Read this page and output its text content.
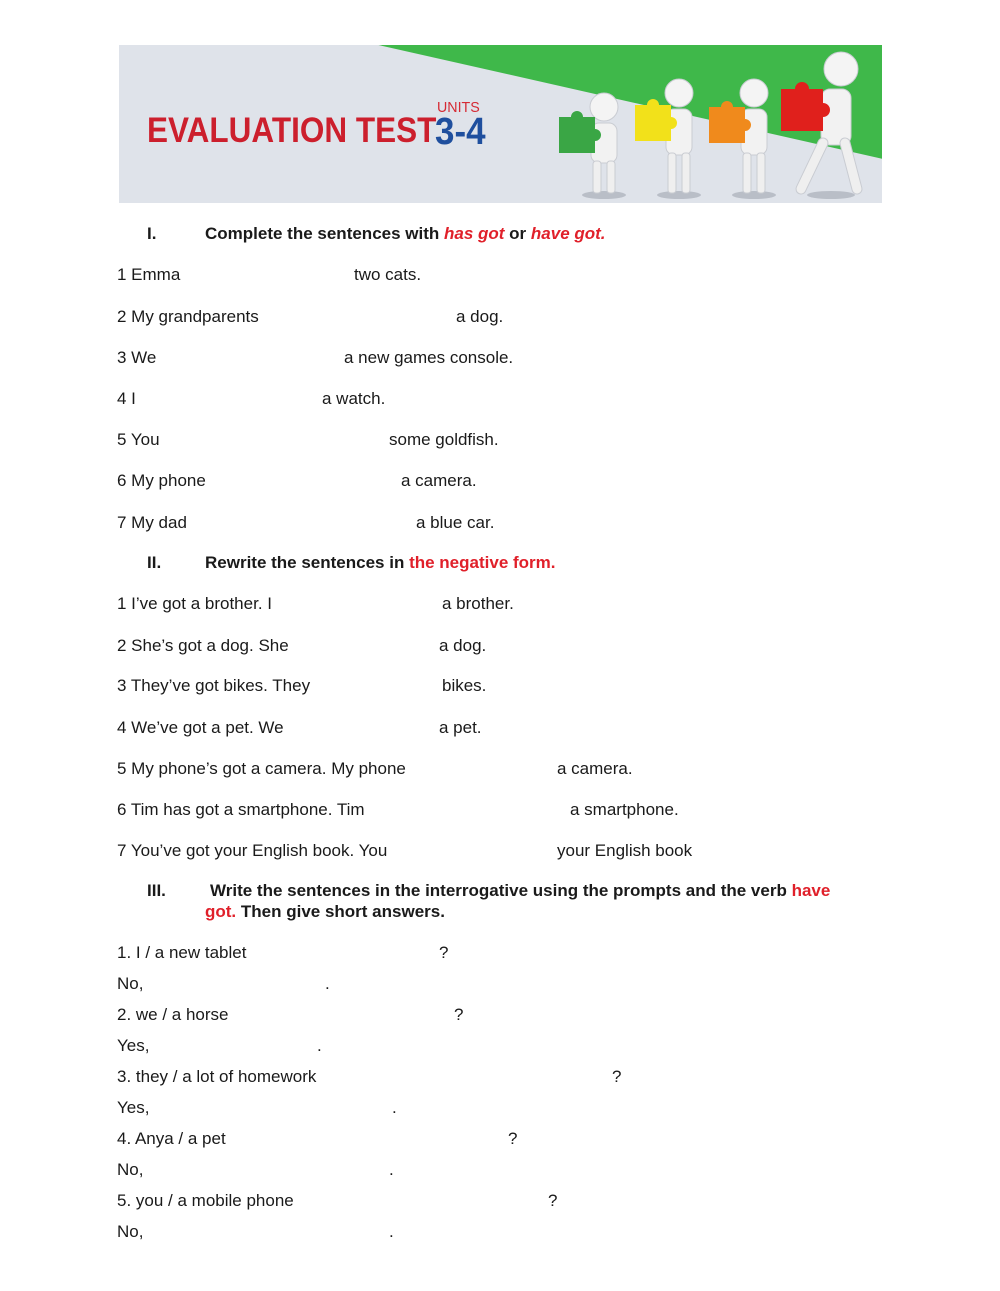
EVALUATION TEST
UNITS
3-4
I.	Complete the sentences with has got or have got.
1 Emma	two cats.
2 My grandparents	a dog.
3 We	a new games console.
4 I	a watch.
5 You	some goldfish.
6 My phone	a camera.
7 My dad	a blue car.
II.	Rewrite the sentences in the negative form.
1 I’ve got a brother. I	a brother.
2 She’s got a dog. She	a dog.
3 They’ve got bikes. They	bikes.
4 We’ve got a pet. We	a pet.
5 My phone’s got a camera. My phone	a camera.
6 Tim has got a smartphone. Tim	a smartphone.
7 You’ve got your English book. You	your English book
III.	Write the sentences in the interrogative using the prompts and the verb have
got. Then give short answers.
1. I / a new tablet	?
No,	.
2. we / a horse	?
Yes,	.
3. they / a lot of homework	?
Yes,	.
4. Anya / a pet	?
No,	.
5. you / a mobile phone	?
No,	.
